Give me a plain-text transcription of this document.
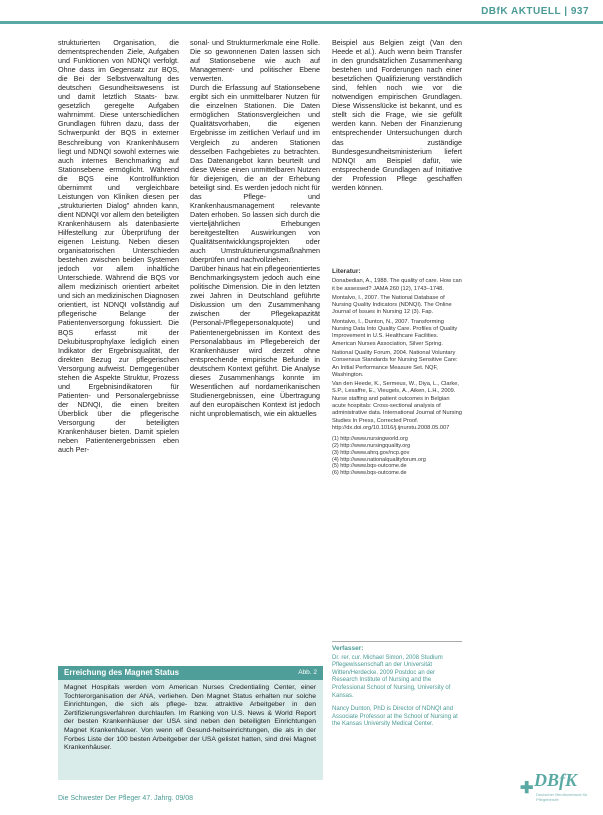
DBfK AKTUELL | 937

strukturierten Organisation, die dementsprechenden Ziele, Aufgaben und Funktionen von NDNQI verfolgt. Ohne dass im Gegensatz zur BQS, die Bei der Selbstverwaltung des deutschen Gesundheitswesens ist und damit letztlich Staats- bzw. gesetzlich geregelte Aufgaben wahrnimmt. Diese unterschiedlichen Grundlagen führen dazu, dass der Schwerpunkt der BQS in externer Beschreibung von Krankenhäusern liegt und NDNQI sowohl externes wie auch internes Benchmarking auf Stationsebene ermöglicht. Während die BQS eine Kontrollfunktion übernimmt und vergleichbare Leistungen von Kliniken diesen per „strukturierten Dialog" ahnden kann, dient NDNQI vor allem den beteiligten Krankenhäusern als datenbasierte Hilfestellung zur Überprüfung der eigenen Leistung. Neben diesen organisatorischen Unterschieden bestehen zwischen beiden Systemen jedoch vor allem inhaltliche Unterschiede. Während die BQS vor allem medizinisch orientiert arbeitet und sich an medizinischen Diagnosen orientiert, ist NDNQI vollständig auf pflegerische Belange der Patientenversorgung fokussiert. Die BQS erfasst mit der Dekubitusprophylaxe lediglich einen Indikator der Ergebnisqualität, der direkten Bezug zur pflegerischen Versorgung aufweist. Demgegenüber stehen die Aspekte Struktur, Prozess und Ergebnisindikatoren für Patienten- und Personalergebnisse der NDNQI, die einen breiten Überblick über die pflegerische Versorgung der beteiligten Krankenhäuser bieten. Damit spielen neben Patientenergebnissen eben auch Per-

sonal- und Strukturmerkmale eine Rolle. Die so gewonnenen Daten lassen sich auf Stationsebene wie auch auf Management- und politischer Ebene verwerten.

Durch die Erfassung auf Stationsebene ergibt sich ein unmittelbarer Nutzen für die einzelnen Stationen. Die Daten ermöglichen Stationsvergleichen und Qualitätsvorhaben, die eigenen Ergebnisse im zeitlichen Verlauf und im Vergleich zu anderen Stationen desselben Fachgebietes zu betrachten. Das Datenangebot kann beurteilt und diese Weise einen unmittelbaren Nutzen für diejenigen, die an der Erhebung beteiligt sind. Es werden jedoch nicht für das Pflege- und Krankenhausmanagement relevante Daten erhoben. So lassen sich durch die vierteljährlichen Erhebungen bereitgestellten Auswirkungen von Qualitätsentwicklungsprojekten oder auch Umstrukturierungsmaßnahmen überprüfen und nachvollziehen.

Darüber hinaus hat ein pflegeorientiertes Benchmarkingsystem jedoch auch eine politische Dimension. Die in den letzten zwei Jahren in Deutschland geführte Diskussion um den Zusammenhang zwischen der Pflegekapazität (Personal-/Pflegepersonalquote) und Patientenergebnissen im Kontext des Personalabbaus im Pflegebereich der Krankenhäuser wird derzeit ohne entsprechende empirische Befunde in deutschem Kontext geführt. Die Analyse dieses Zusammenhangs konnte im Wesentlichen auf nordamerikanischen Studienergebnissen, eine Übertragung auf den europäischen Kontext ist jedoch nicht unproblematisch, wie ein aktuelles

Beispiel aus Belgien zeigt (Van den Heede et al.). Auch wenn beim Transfer in den grundsätzlichen Zusammenhang bestehen und Forderungen nach einer besetzlichen Qualifizierung verständlich sind, fehlen noch wie vor die notwendigen empirischen Grundlagen. Diese Wissenslücke ist bekannt, und es stellt sich die Frage, wie sie gefüllt werden kann. Neben der Finanzierung entsprechender Untersuchungen durch das zuständige Bundesgesundheitsministerium liefert NDNQI am Beispiel dafür, wie entsprechende Grundlagen auf Initiative der Profession Pflege geschaffen werden können.

Literatur:

Donabedian, A., 1988. The quality of care. How can it be assessed? JAMA 260 (12), 1743–1748.

Montalvo, I., 2007. The National Database of Nursing Quality Indicators (NDNQI). The Online Journal of Issues in Nursing 12 (3). Fap.

Montalvo, I., Dunton, N., 2007. Transforming Nursing Data Into Quality Care. Profiles of Quality Improvement in U.S. Healthcare Facilities. American Nurses Association, Silver Spring.

National Quality Forum, 2004. National Voluntary Consensus Standards for Nursing Sensitive Care: An Initial Performance Measure Set. NQF, Washington.

Van den Heede, K., Sermeus, W., Diya, L., Clarke, S.P., Lesaffre, E., Vleugels, A., Aiken, L.H., 2009. Nurse staffing and patient outcomes in Belgian acute hospitals: Cross-sectional analysis of administrative data. International Journal of Nursing Studies In Press, Corrected Proof. http://dx.doi.org/10.1016/j.ijnurstu.2008.05.007

(1) http://www.nursingworld.org
(2) http://www.nursingquality.org
(3) http://www.ahrq.gov/ncp.gov
(4) http://www.nationalqualityforum.org
(5) http://www.bqs-outcome.de
(6) http://www.bqs-outcome.de
Verfasser:

Dr. rer. cur. Michael Simon, 2008 Studium Pflegewissenschaft an der Universität Witten/Herdecke. 2009 Postdoc an der Research Institute of Nursing and the Professional School of Nursing, University of Kansas.

Nancy Dunton, PhD is Director of NDNQI and Associate Professor at the School of Nursing at the Kansas University Medical Center.

Erreichung des Magnet Status	Abb. 2
Magnet Hospitals werden vom American Nurses Credentialing Center, einer Tochterorganisation der ANA, verliehen. Den Magnet Status erhalten nur solche Einrichtungen, die sich als pflege- bzw. attraktive Arbeitgeber in den Zertifizierungsverfahren durchlaufen. Im Ranking von U.S. News & World Report der besten Krankenhäuser der USA sind neben den beteiligten Einrichtungen Magnet Krankenhäuser. Von wenn elf Gesund-heitseinrichtungen, die als in der Forbes Liste der 100 besten Arbeitgeber der USA gelistet hatten, sind drei Magnet Krankenhäuser.
Die Schwester Der Pfleger 47. Jahrg. 09/08
✚ DBfK
Deutscher Berufsverband für Pflegeberufe
